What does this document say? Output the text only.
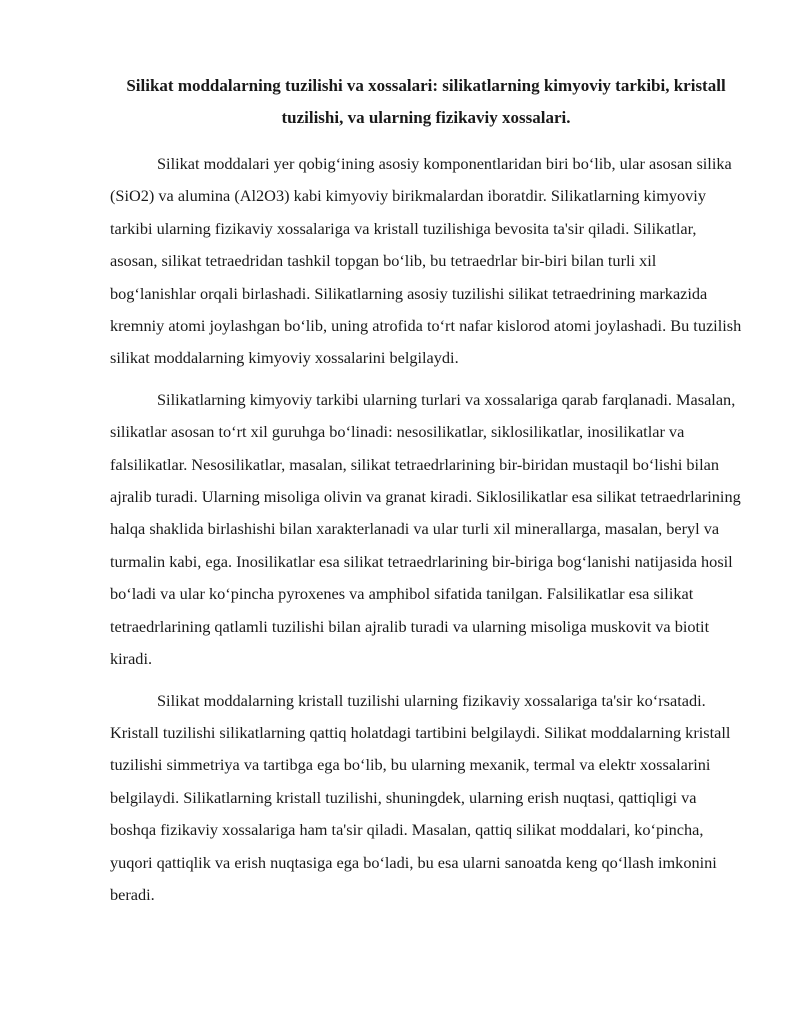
Silikat moddalarning tuzilishi va xossalari: silikatlarning kimyoviy tarkibi, kristall tuzilishi, va ularning fizikaviy xossalari.

Silikat moddalari yer qobig‘ining asosiy komponentlaridan biri bo‘lib, ular asosan silika (SiO2) va alumina (Al2O3) kabi kimyoviy birikmalardan iboratdir. Silikatlarning kimyoviy tarkibi ularning fizikaviy xossalariga va kristall tuzilishiga bevosita ta'sir qiladi. Silikatlar, asosan, silikat tetraedridan tashkil topgan bo‘lib, bu tetraedrlar bir-biri bilan turli xil bog‘lanishlar orqali birlashadi. Silikatlarning asosiy tuzilishi silikat tetraedrining markazida kremniy atomi joylashgan bo‘lib, uning atrofida to‘rt nafar kislorod atomi joylashadi. Bu tuzilish silikat moddalarning kimyoviy xossalarini belgilaydi.

Silikatlarning kimyoviy tarkibi ularning turlari va xossalariga qarab farqlanadi. Masalan, silikatlar asosan to‘rt xil guruhga bo‘linadi: nesosilikatlar, siklosilikatlar, inosilikatlar va falsilikatlar. Nesosilikatlar, masalan, silikat tetraedrlarining bir-biridan mustaqil bo‘lishi bilan ajralib turadi. Ularning misoliga olivin va granat kiradi. Siklosilikatlar esa silikat tetraedrlarining halqa shaklida birlashishi bilan xarakterlanadi va ular turli xil minerallarga, masalan, beryl va turmalin kabi, ega. Inosilikatlar esa silikat tetraedrlarining bir-biriga bog‘lanishi natijasida hosil bo‘ladi va ular ko‘pincha pyroxenes va amphibol sifatida tanilgan. Falsilikatlar esa silikat tetraedrlarining qatlamli tuzilishi bilan ajralib turadi va ularning misoliga muskovit va biotit kiradi.

Silikat moddalarning kristall tuzilishi ularning fizikaviy xossalariga ta'sir ko‘rsatadi. Kristall tuzilishi silikatlarning qattiq holatdagi tartibini belgilaydi. Silikat moddalarning kristall tuzilishi simmetriya va tartibga ega bo‘lib, bu ularning mexanik, termal va elektr xossalarini belgilaydi. Silikatlarning kristall tuzilishi, shuningdek, ularning erish nuqtasi, qattiqligi va boshqa fizikaviy xossalariga ham ta'sir qiladi. Masalan, qattiq silikat moddalari, ko‘pincha, yuqori qattiqlik va erish nuqtasiga ega bo‘ladi, bu esa ularni sanoatda keng qo‘llash imkonini beradi.
